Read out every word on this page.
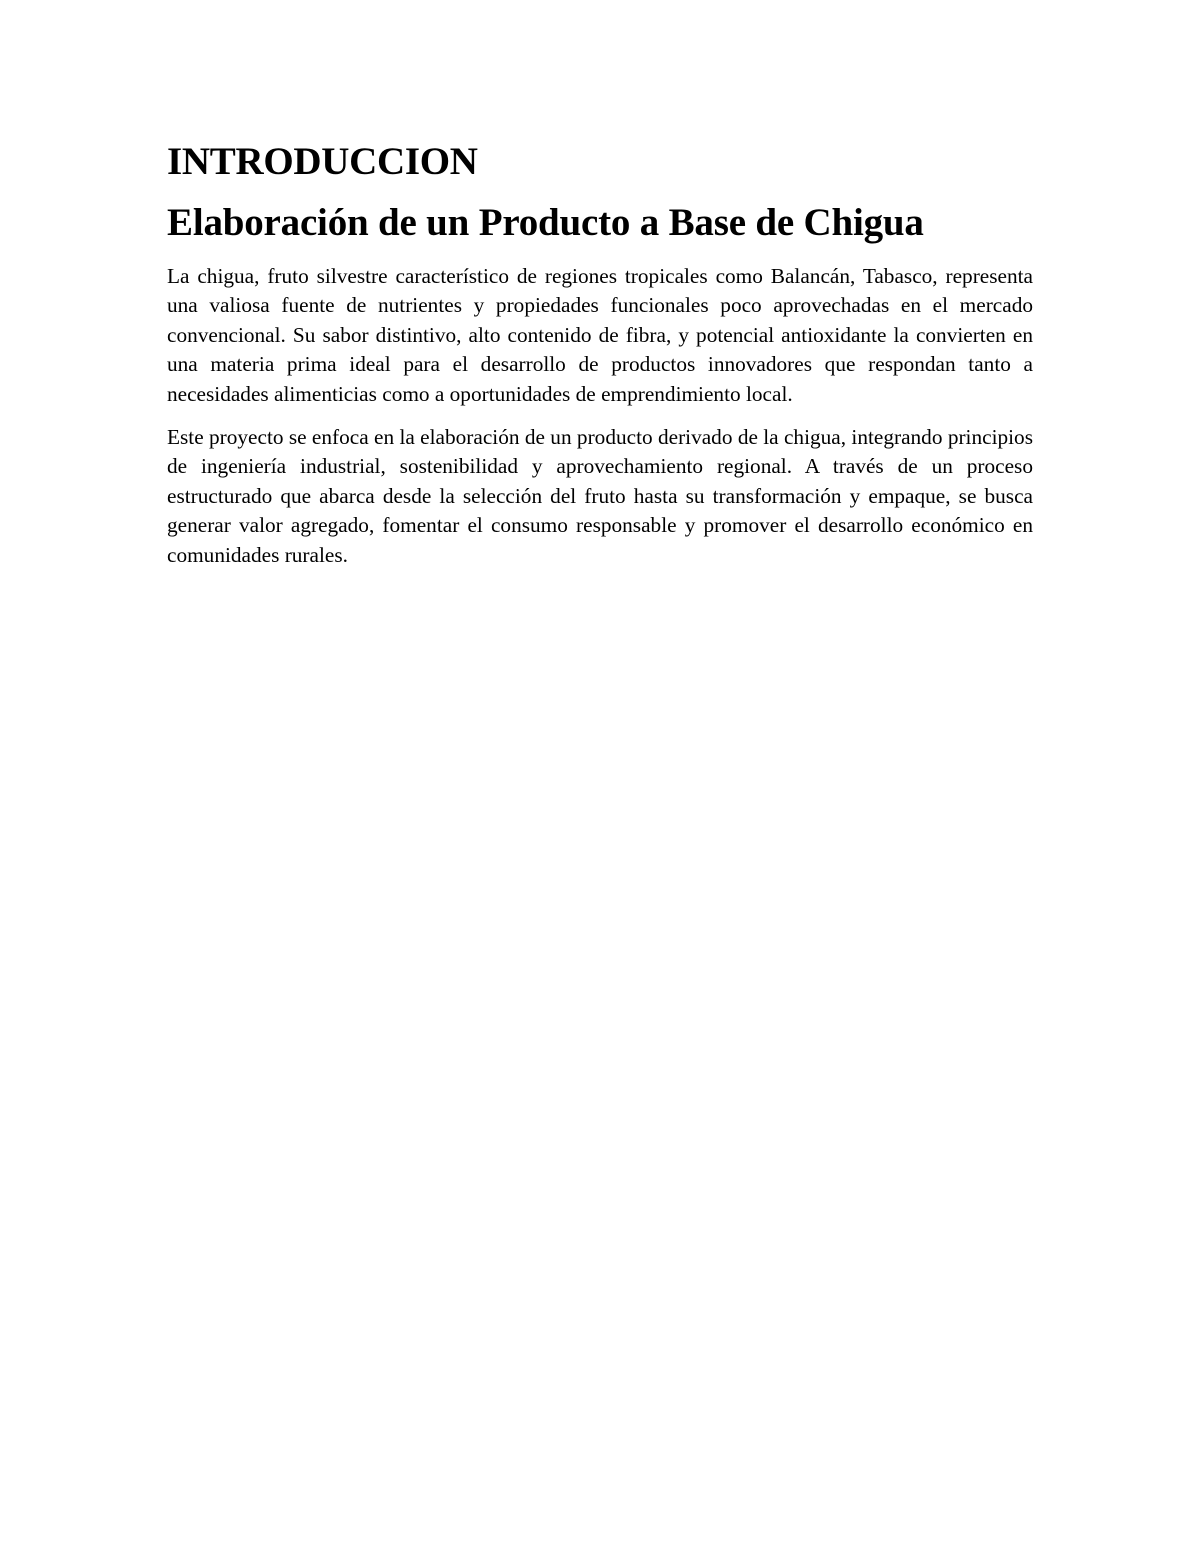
INTRODUCCION
Elaboración de un Producto a Base de Chigua

La chigua, fruto silvestre característico de regiones tropicales como Balancán, Tabasco, representa una valiosa fuente de nutrientes y propiedades funcionales poco aprovechadas en el mercado convencional. Su sabor distintivo, alto contenido de fibra, y potencial antioxidante la convierten en una materia prima ideal para el desarrollo de productos innovadores que respondan tanto a necesidades alimenticias como a oportunidades de emprendimiento local.

Este proyecto se enfoca en la elaboración de un producto derivado de la chigua, integrando principios de ingeniería industrial, sostenibilidad y aprovechamiento regional. A través de un proceso estructurado que abarca desde la selección del fruto hasta su transformación y empaque, se busca generar valor agregado, fomentar el consumo responsable y promover el desarrollo económico en comunidades rurales.
